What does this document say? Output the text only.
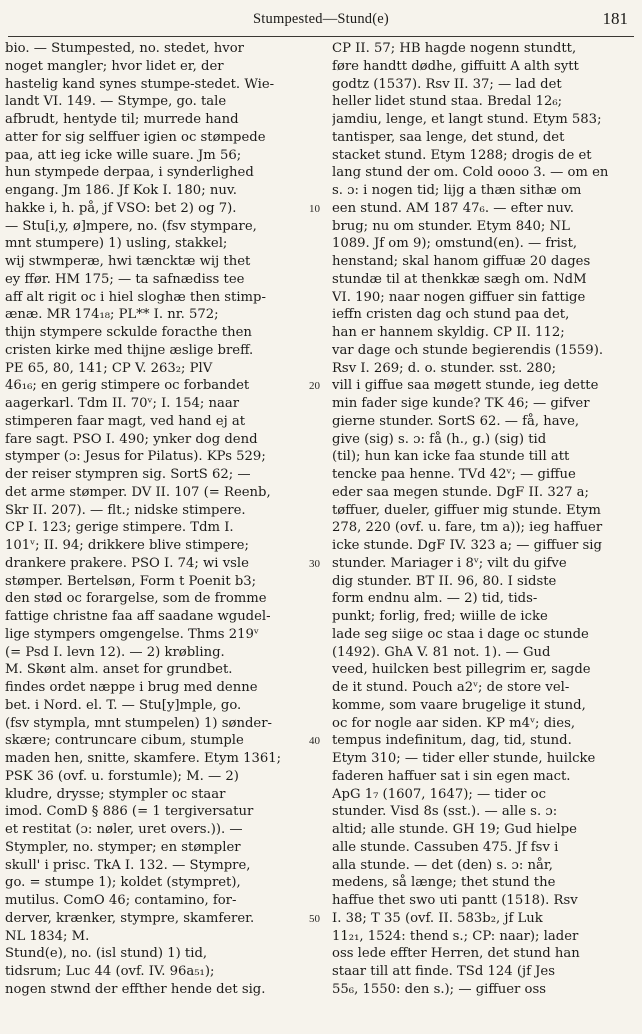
Stumpested—Stund(e)	181
bio. — Stumpested, no. stedet, hvor
noget mangler; hvor lidet er, der
hastelig kand synes stumpe-stedet. Wie-
landt VI. 149. — Stympe, go. tale
afbrudt, hentyde til; murrede hand
atter for sig selffuer igien oc stømpede
paa, att ieg icke wille suare. Jm 56;
hun stympede derpaa, i synderlighed
engang. Jm 186. Jf Kok I. 180; nuv.
hakke i, h. på, jf VSO: bet 2) og 7).
— Stu[i,y, ø]mpere, no. (fsv stympare,
mnt stumpere) 1) usling, stakkel;
wij stwmperæ, hwi tæncktæ wij thet
ey ffør. HM 175; — ta safnædiss tee
aff alt rigit oc i hiel sloghæ then stimp-
ænæ. MR 174₁₈; PL** I. nr. 572;
thijn stympere sckulde foracthe then
cristen kirke med thijne æslige breff.
PE 65, 80, 141; CP V. 263₂; PlV
46₁₆; en gerig stimpere oc forbandet
aagerkarl. Tdm II. 70ᵛ; I. 154; naar
stimperen faar magt, ved hand ej at
fare sagt. PSO I. 490; ynker dog dend
stymper (ɔ: Jesus for Pilatus). KPs 529;
der reiser stympren sig. SortS 62; —
det arme stømper. DV II. 107 (= Reenb,
Skr II. 207). — flt.; nidske stimpere.
CP I. 123; gerige stimpere. Tdm I.
101ᵛ; II. 94; drikkere blive stimpere;
drankere prakere. PSO I. 74; wi vsle
stømper. Bertelsøn, Form t Poenit b3;
den stød oc forargelse, som de fromme
fattige christne faa aff saadane wgudel-
lige stympers omgengelse. Thms 219ᵛ
(= Psd I. levn 12). — 2) krøbling.
M. Skønt alm. anset for grundbet.
findes ordet næppe i brug med denne
bet. i Nord. el. T. — Stu[y]mple, go.
(fsv stympla, mnt stumpelen) 1) sønder-
skære; contruncare cibum, stumple
maden hen, snitte, skamfere. Etym 1361;
PSK 36 (ovf. u. forstumle); M. — 2)
kludre, drysse; stympler oc staar
imod. ComD § 886 (= 1 tergiversatur
et restitat (ɔ: nøler, uret overs.)). —
Stympler, no. stymper; en stømpler
skull' i prisc. TkA I. 132. — Stympre,
go. = stumpe 1); koldet (stympret),
mutilus. ComO 46; contamino, for-
derver, krænker, stympre, skamferer.
NL 1834; M.
Stund(e), no. (isl stund) 1) tid,
tidsrum; Luc 44 (ovf. IV. 96a₅₁);
nogen stwnd der effther hende det sig.
CP II. 57; HB hagde nogenn stundtt,
føre handtt dødhe, giffuitt A alth sytt
godtz (1537). Rsv II. 37; — lad det
heller lidet stund staa. Bredal 12₆;
jamdiu, lenge, et langt stund. Etym 583;
tantisper, saa lenge, det stund, det
stacket stund. Etym 1288; drogis de et
lang stund der om. Cold oooo 3. — om en
s. ɔ: i nogen tid; lijg a thæn sithæ om
een stund. AM 187 47₆. — efter nuv.
brug; nu om stunder. Etym 840; NL
1089. Jf om 9); omstund(en). — frist,
henstand; skal hanom giffuæ 20 dages
stundæ til at thenkkæ sægh om. NdM
VI. 190; naar nogen giffuer sin fattige
ieffn cristen dag och stund paa det,
han er hannem skyldig. CP II. 112;
var dage och stunde begierendis (1559).
Rsv I. 269; d. o. stunder. sst. 280;
vill i giffue saa møgett stunde, ieg dette
min fader sige kunde? TK 46; — gifver
gierne stunder. SortS 62. — få, have,
give (sig) s. ɔ: få (h., g.) (sig) tid
(til); hun kan icke faa stunde till att
tencke paa henne. TVd 42ᵛ; — giffue
eder saa megen stunde. DgF II. 327 a;
tøffuer, dueler, giffuer mig stunde. Etym
278, 220 (ovf. u. fare, tm a)); ieg haffuer
icke stunde. DgF IV. 323 a; — giffuer sig
stunder. Mariager i 8ᵛ; vilt du gifve
dig stunder. BT II. 96, 80. I sidste
form endnu alm. — 2) tid, tids-
punkt; forlig, fred; wiille de icke
lade seg siige oc staa i dage oc stunde
(1492). GhA V. 81 not. 1). — Gud
veed, huilcken best pillegrim er, sagde
de it stund. Pouch a2ᵛ; de store vel-
komme, som vaare brugelige it stund,
oc for nogle aar siden. KP m4ᵛ; dies,
tempus indefinitum, dag, tid, stund.
Etym 310; — tider eller stunde, huilcke
faderen haffuer sat i sin egen mact.
ApG 1₇ (1607, 1647); — tider oc
stunder. Visd 8s (sst.). — alle s. ɔ:
altid; alle stunde. GH 19; Gud hielpe
alle stunde. Cassuben 475. Jf fsv i
alla stunde. — det (den) s. ɔ: når,
medens, så længe; thet stund the
haffue thet swo uti pantt (1518). Rsv
I. 38; T 35 (ovf. II. 583b₂, jf Luk
11₂₁, 1524: thend s.; CP: naar); lader
oss lede effter Herren, det stund han
staar till att finde. TSd 124 (jf Jes
55₆, 1550: den s.); — giffuer oss
10
20
30
40
50
